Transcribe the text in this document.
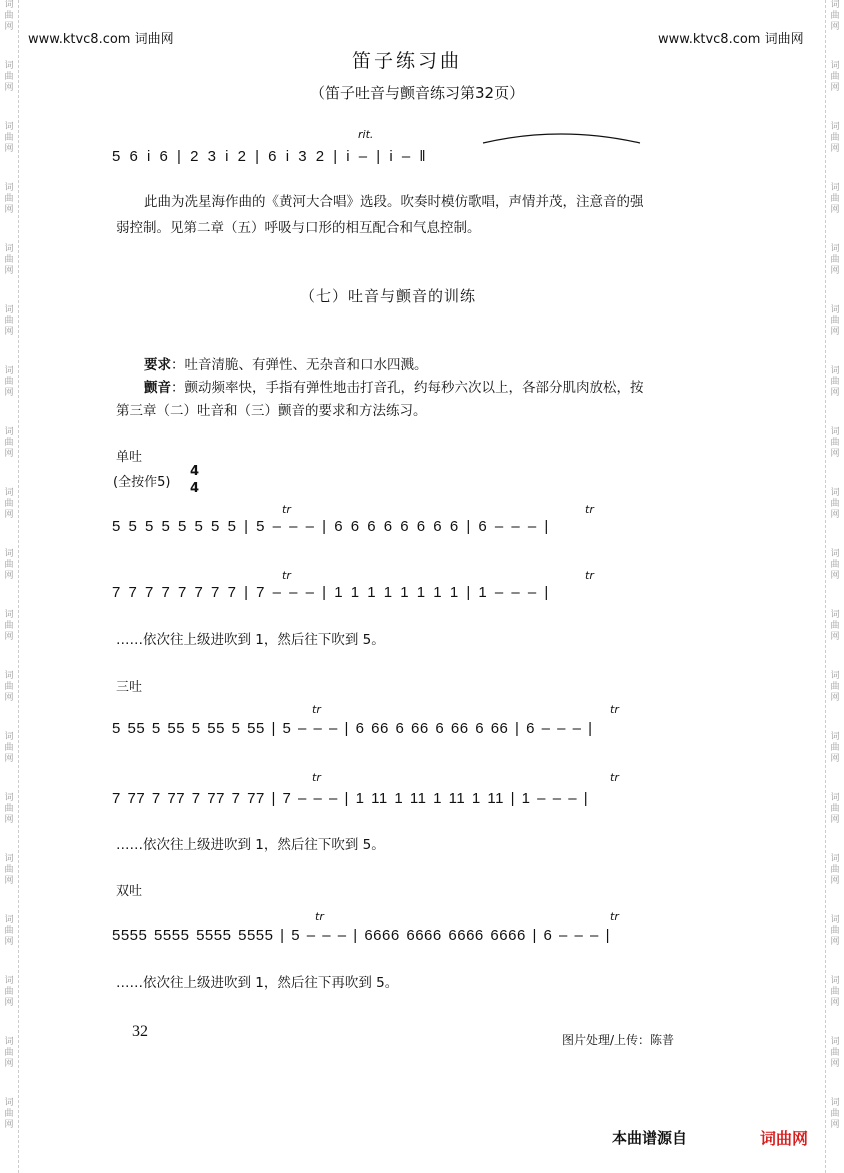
词曲网
词曲网
词曲网
词曲网
词曲网
词曲网
词曲网
词曲网
词曲网
词曲网
词曲网
词曲网
词曲网
词曲网
词曲网
词曲网
词曲网
词曲网
词曲网
词曲网
词曲网
词曲网
词曲网
词曲网
词曲网
词曲网
词曲网
词曲网
词曲网
词曲网
词曲网
词曲网
词曲网
词曲网
词曲网
词曲网
词曲网
词曲网
www.ktvc8.com 词曲网	www.ktvc8.com 词曲网
笛子练习曲
（笛子吐音与颤音练习第32页）
rit.
5 6 i 6 | 2 3 i 2 | 6 i 3 2 | i – | i – ‖
此曲为冼星海作曲的《黄河大合唱》选段。吹奏时模仿歌唱，声情并茂，注意音的强
弱控制。见第二章（五）呼吸与口形的相互配合和气息控制。
（七）吐音与颤音的训练
要求：吐音清脆、有弹性、无杂音和口水四溅。
颤音：颤动频率快，手指有弹性地击打音孔，约每秒六次以上，各部分肌肉放松，按
第三章（二）吐音和（三）颤音的要求和方法练习。
单吐
(全按作5)
4
4
tr	tr
5 5 5 5 5 5 5 5 | 5 – – – | 6 6 6 6 6 6 6 6 | 6 – – – |
tr	tr
7 7 7 7 7 7 7 7 | 7 – – – | 1 1 1 1 1 1 1 1 | 1 – – – |
……依次往上级进吹到 1，然后往下吹到 5。
三吐
tr	tr
5 55 5 55 5 55 5 55 | 5 – – – | 6 66 6 66 6 66 6 66 | 6 – – – |
tr	tr
7 77 7 77 7 77 7 77 | 7 – – – | 1 11 1 11 1 11 1 11 | 1 – – – |
……依次往上级进吹到 1，然后往下吹到 5。
双吐
tr	tr
5555 5555 5555 5555 | 5 – – – | 6666 6666 6666 6666 | 6 – – – |
……依次往上级进吹到 1，然后往下再吹到 5。
32	图片处理/上传：陈普
本曲谱源自	词曲网
